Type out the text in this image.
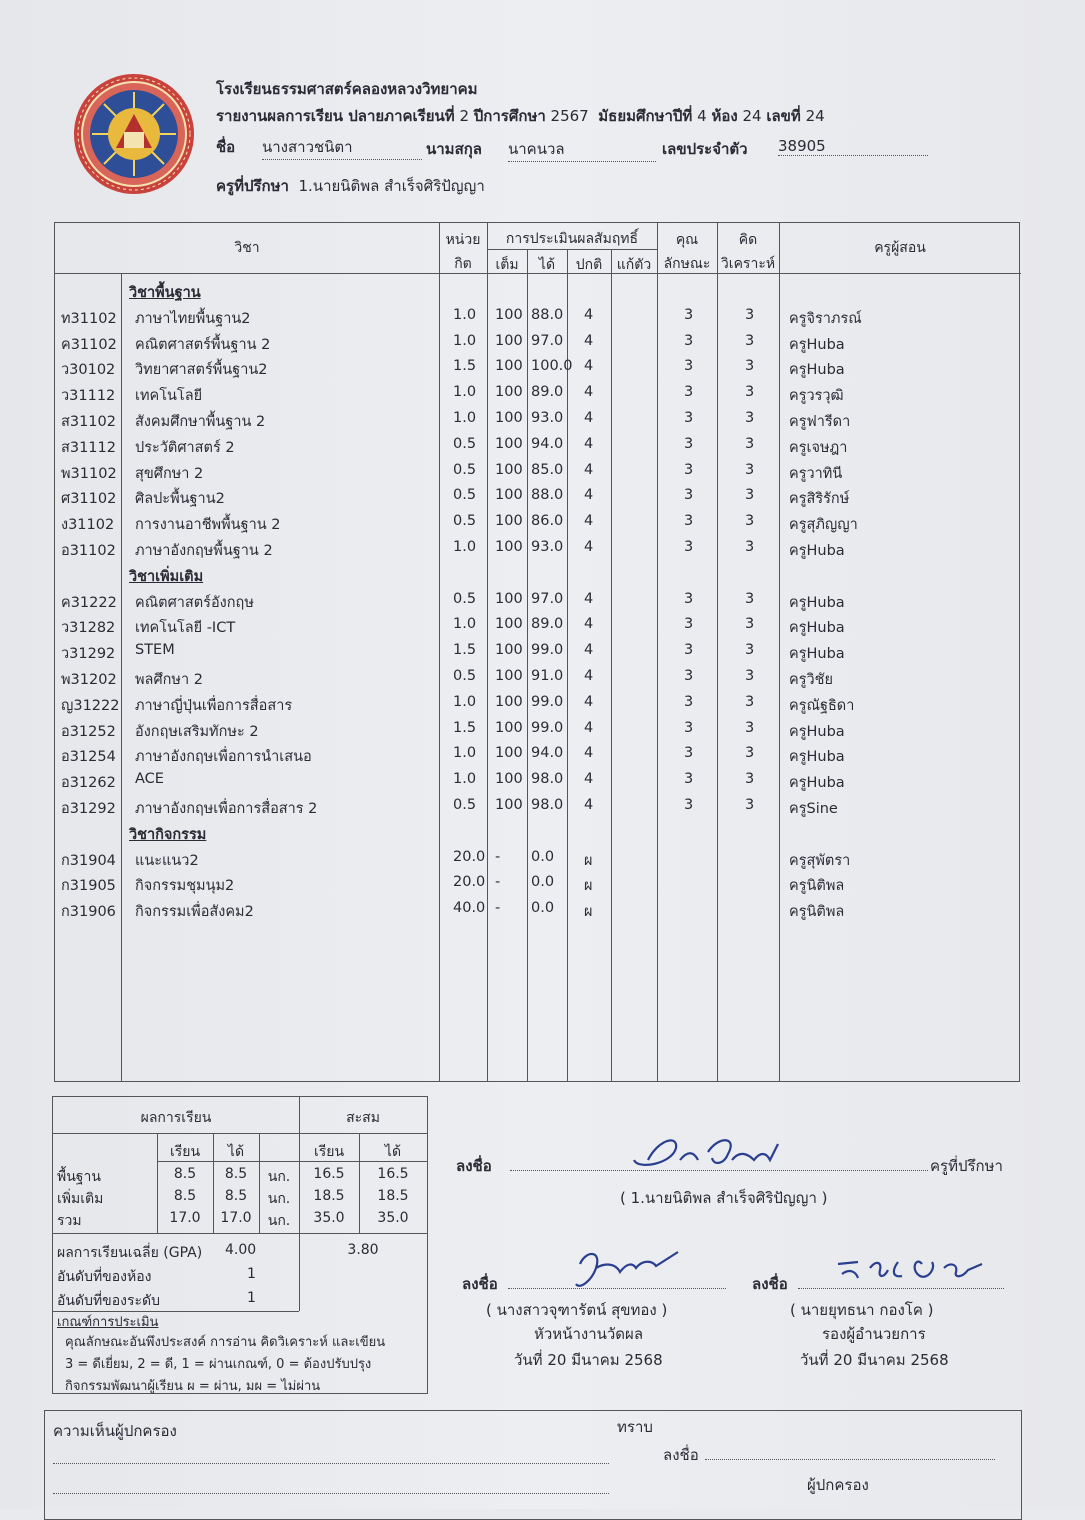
โรงเรียนธรรมศาสตร์คลองหลวงวิทยาคม
รายงานผลการเรียน ปลายภาคเรียนที่ 2 ปีการศึกษา 2567 มัธยมศึกษาปีที่ 4 ห้อง 24 เลขที่ 24
ชื่อ นางสาวชนิตา	นามสกุล นาคนวล	เลขประจำตัว 38905
ครูที่ปรึกษา 1.นายนิติพล สำเร็จศิริปัญญา
วิชา	หน่วย
กิต
การประเมินผลสัมฤทธิ์
เต็ม	ได้	ปกติ	แก้ตัว
คุณ
ลักษณะ
คิด
วิเคราะห์
ครูผู้สอน
วิชาพื้นฐาน
ท31102 ภาษาไทยพื้นฐาน2	1.0 100 88.0 4	3	3 ครูจิราภรณ์
ค31102 คณิตศาสตร์พื้นฐาน 2	1.0 100 97.0 4	3	3 ครูHuba
ว30102 วิทยาศาสตร์พื้นฐาน2	1.5 100 100.0 4	3	3 ครูHuba
ว31112 เทคโนโลยี	1.0 100 89.0 4	3	3 ครูวรวุฒิ
ส31102 สังคมศึกษาพื้นฐาน 2	1.0 100 93.0 4	3	3 ครูฟารีดา
ส31112 ประวัติศาสตร์ 2	0.5 100 94.0 4	3	3 ครูเจษฎา
พ31102 สุขศึกษา 2	0.5 100 85.0 4	3	3 ครูวาทินี
ศ31102 ศิลปะพื้นฐาน2	0.5 100 88.0 4	3	3 ครูสิริรักษ์
ง31102 การงานอาชีพพื้นฐาน 2	0.5 100 86.0 4	3	3 ครูสุภิญญา
อ31102 ภาษาอังกฤษพื้นฐาน 2	1.0 100 93.0 4	3	3 ครูHuba
วิชาเพิ่มเติม
ค31222 คณิตศาสตร์อังกฤษ	0.5 100 97.0 4	3	3 ครูHuba
ว31282 เทคโนโลยี -ICT	1.0 100 89.0 4	3	3 ครูHuba
ว31292 STEM	1.5 100 99.0 4	3	3 ครูHuba
พ31202 พลศึกษา 2	0.5 100 91.0 4	3	3 ครูวิชัย
ญ31222 ภาษาญี่ปุ่นเพื่อการสื่อสาร	1.0 100 99.0 4	3	3 ครูณัฐธิดา
อ31252 อังกฤษเสริมทักษะ 2	1.5 100 99.0 4	3	3 ครูHuba
อ31254 ภาษาอังกฤษเพื่อการนำเสนอ	1.0 100 94.0 4	3	3 ครูHuba
อ31262 ACE	1.0 100 98.0 4	3	3 ครูHuba
อ31292 ภาษาอังกฤษเพื่อการสื่อสาร 2	0.5 100 98.0 4	3	3 ครูSine
วิชากิจกรรม
ก31904 แนะแนว2	20.0 - 0.0 ผ	ครูสุพัตรา
ก31905 กิจกรรมชุมนุม2	20.0 - 0.0 ผ	ครูนิติพล
ก31906 กิจกรรมเพื่อสังคม2	40.0 - 0.0 ผ	ครูนิติพล
ผลการเรียน	สะสม
เรียน	ได้	เรียน	ได้
พื้นฐาน	8.5	8.5	นก.	16.5	16.5
เพิ่มเติม	8.5	8.5	นก.	18.5	18.5
รวม	17.0	17.0	นก.	35.0	35.0
ผลการเรียนเฉลี่ย (GPA) 4.00	3.80
อันดับที่ของห้อง	1
อันดับที่ของระดับ	1
เกณฑ์การประเมิน
คุณลักษณะอันพึงประสงค์ การอ่าน คิดวิเคราะห์ และเขียน
3 = ดีเยี่ยม, 2 = ดี, 1 = ผ่านเกณฑ์, 0 = ต้องปรับปรุง
กิจกรรมพัฒนาผู้เรียน ผ = ผ่าน, มผ = ไม่ผ่าน
ลงชื่อ	ครูที่ปรึกษา
( 1.นายนิติพล สำเร็จศิริปัญญา )
ลงชื่อ
( นางสาวจุฑารัตน์ สุขทอง )
หัวหน้างานวัดผล
วันที่ 20 มีนาคม 2568
ลงชื่อ
( นายยุทธนา กองโค )
รองผู้อำนวยการ
วันที่ 20 มีนาคม 2568
ความเห็นผู้ปกครอง	ทราบ
ลงชื่อ
ผู้ปกครอง
